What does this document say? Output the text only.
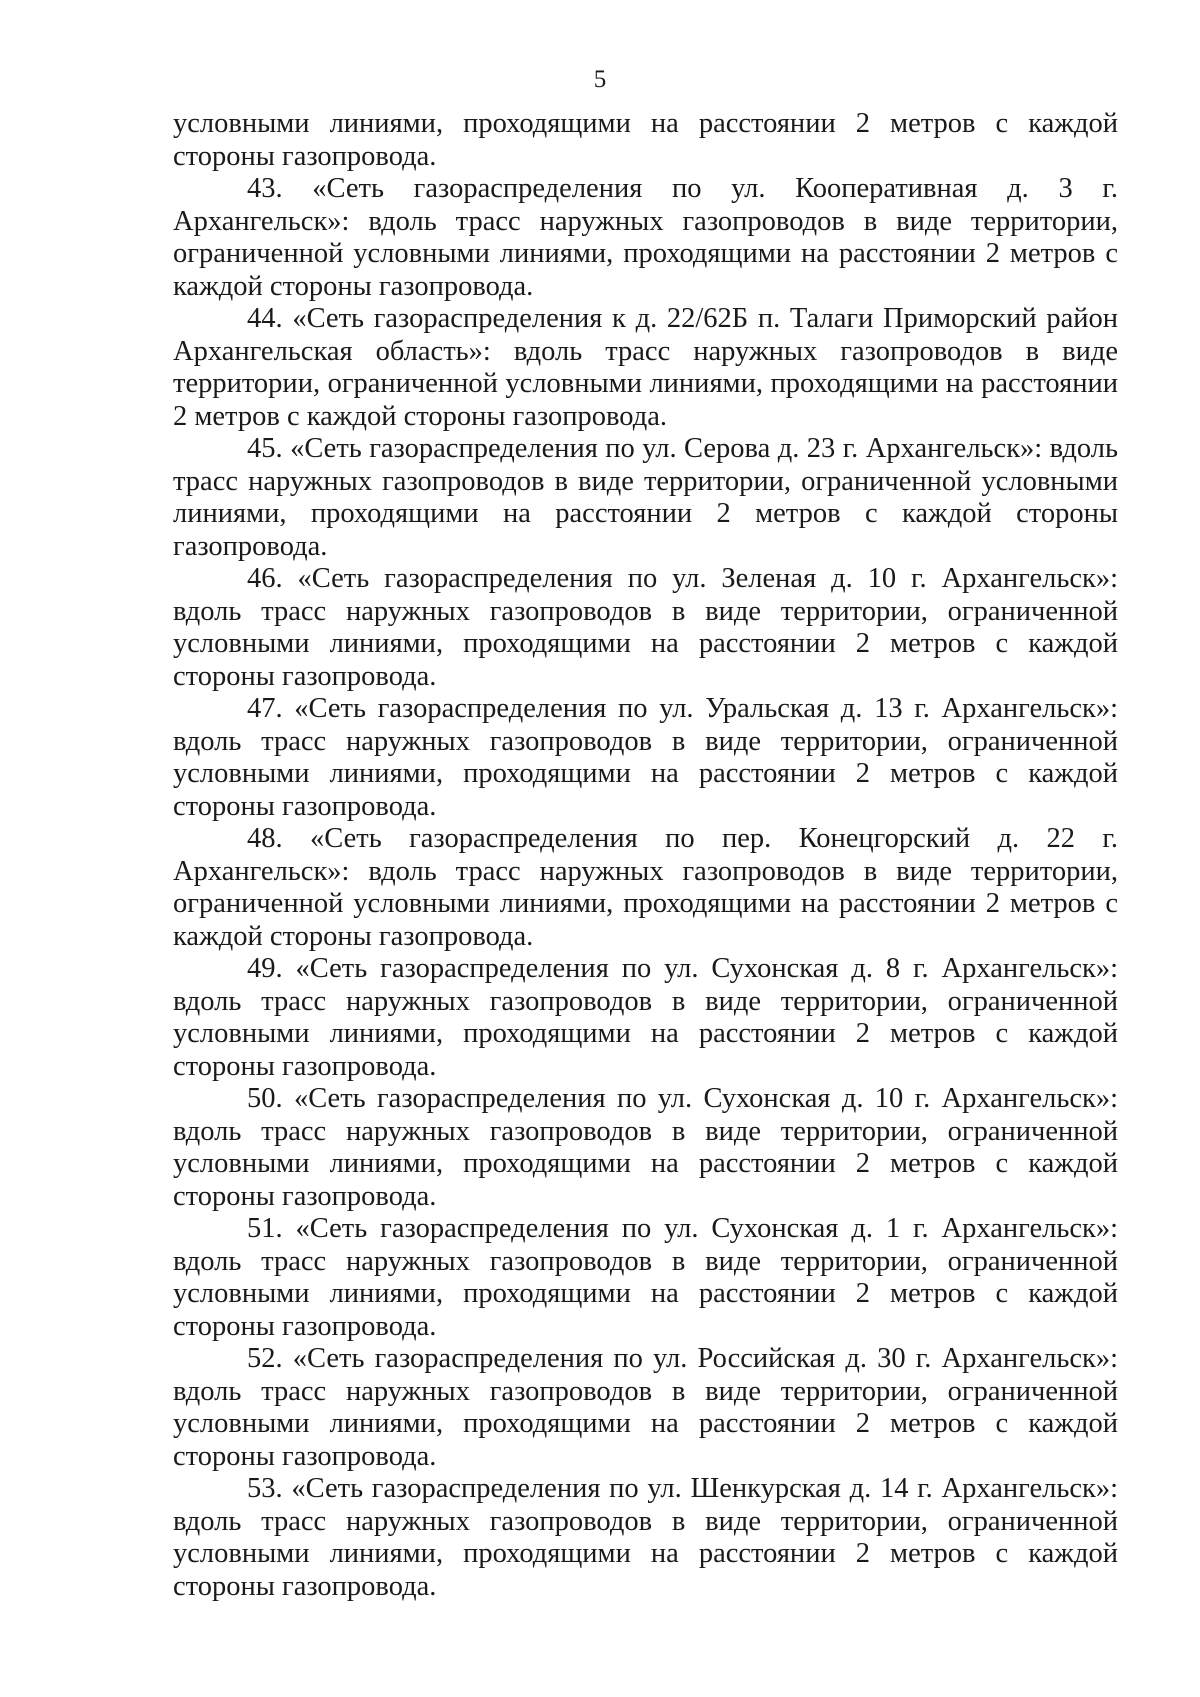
5

условными линиями, проходящими на расстоянии 2 метров с каждой стороны газопровода.

43. «Сеть газораспределения по ул. Кооперативная д. 3 г. Архангельск»: вдоль трасс наружных газопроводов в виде территории, ограниченной условными линиями, проходящими на расстоянии 2 метров с каждой стороны газопровода.

44. «Сеть газораспределения к д. 22/62Б п. Талаги Приморский район Архангельская область»: вдоль трасс наружных газопроводов в виде территории, ограниченной условными линиями, проходящими на расстоянии 2 метров с каждой стороны газопровода.

45. «Сеть газораспределения по ул. Серова д. 23 г. Архангельск»: вдоль трасс наружных газопроводов в виде территории, ограниченной условными линиями, проходящими на расстоянии 2 метров с каждой стороны газопровода.

46. «Сеть газораспределения по ул. Зеленая д. 10 г. Архангельск»: вдоль трасс наружных газопроводов в виде территории, ограниченной условными линиями, проходящими на расстоянии 2 метров с каждой стороны газопровода.

47. «Сеть газораспределения по ул. Уральская д. 13 г. Архангельск»: вдоль трасс наружных газопроводов в виде территории, ограниченной условными линиями, проходящими на расстоянии 2 метров с каждой стороны газопровода.

48. «Сеть газораспределения по пер. Конецгорский д. 22 г. Архангельск»: вдоль трасс наружных газопроводов в виде территории, ограниченной условными линиями, проходящими на расстоянии 2 метров с каждой стороны газопровода.

49. «Сеть газораспределения по ул. Сухонская д. 8 г. Архангельск»: вдоль трасс наружных газопроводов в виде территории, ограниченной условными линиями, проходящими на расстоянии 2 метров с каждой стороны газопровода.

50. «Сеть газораспределения по ул. Сухонская д. 10 г. Архангельск»: вдоль трасс наружных газопроводов в виде территории, ограниченной условными линиями, проходящими на расстоянии 2 метров с каждой стороны газопровода.

51. «Сеть газораспределения по ул. Сухонская д. 1 г. Архангельск»: вдоль трасс наружных газопроводов в виде территории, ограниченной условными линиями, проходящими на расстоянии 2 метров с каждой стороны газопровода.

52. «Сеть газораспределения по ул. Российская д. 30 г. Архангельск»: вдоль трасс наружных газопроводов в виде территории, ограниченной условными линиями, проходящими на расстоянии 2 метров с каждой стороны газопровода.

53. «Сеть газораспределения по ул. Шенкурская д. 14 г. Архангельск»: вдоль трасс наружных газопроводов в виде территории, ограниченной условными линиями, проходящими на расстоянии 2 метров с каждой стороны газопровода.
